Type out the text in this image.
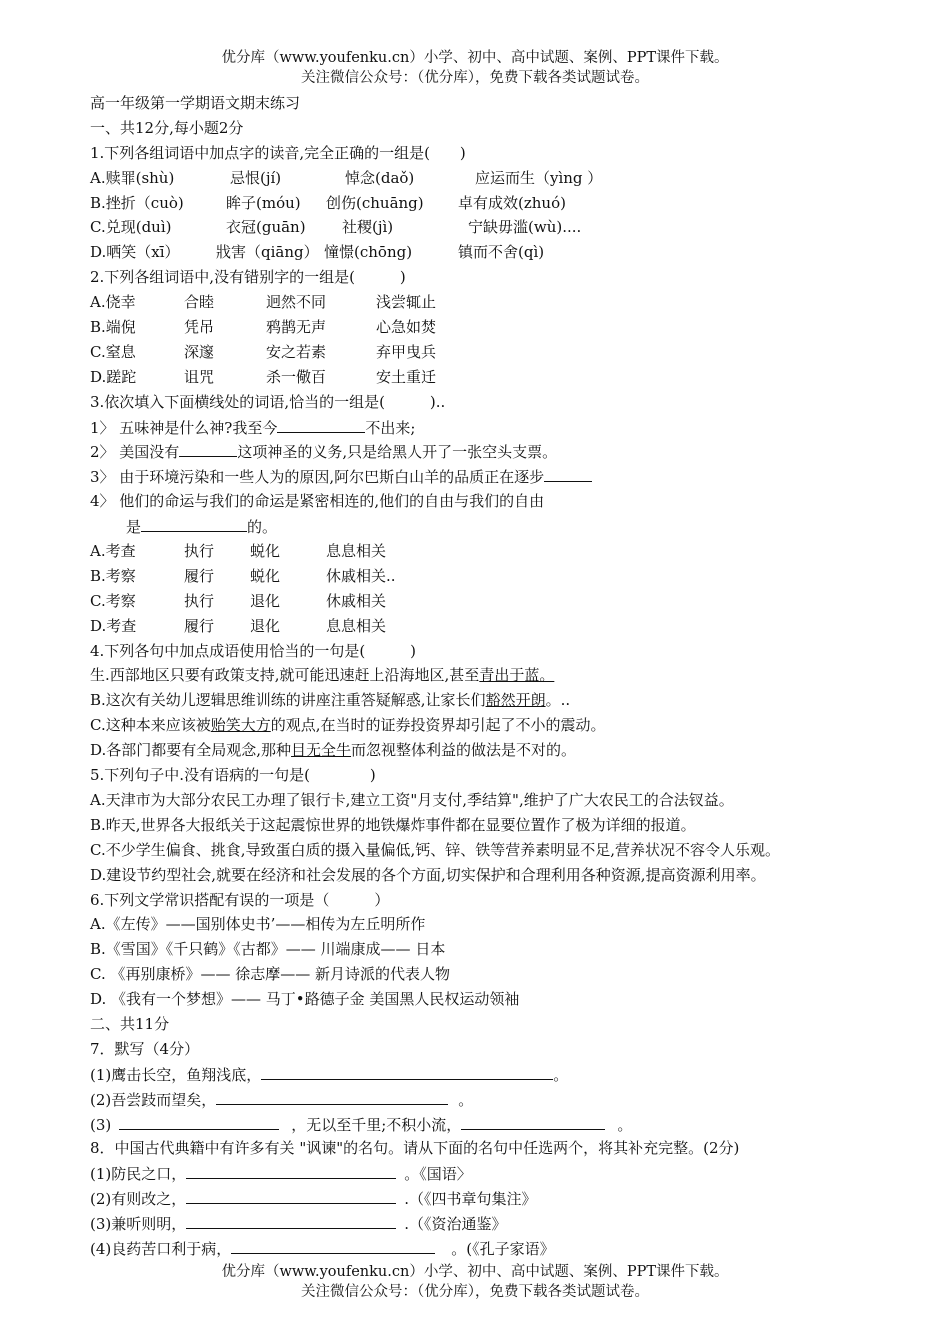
优分库（www.youfenku.cn）小学、初中、高中试题、案例、PPT课件下载。
关注微信公众号：（优分库），免费下载各类试题试卷。
高一年级第一学期语文期末练习
一、共12分,每小题2分
1.下列各组词语中加点字的读音,完全正确的一组是(　　)
A.赎罪(shù)	忌恨(jí)	悼念(daǒ)	应运而生（yìng ）
B.挫折（cuò)	眸子(móu) 创伤(chuāng) 卓有成效(zhuó)
C.兑现(duì)	衣冠(guān) 社稷(jì)	宁缺毋滥(wù)....
D.哂笑（xī） 戕害（qiāng） 憧憬(chōng)	镇而不舍(qì)
2.下列各组词语中,没有错别字的一组是(　　　)
A.侥幸	合睦	迥然不同	浅尝辄止
B.端倪	凭吊	鸦鹊无声	心急如焚
C.窒息	深邃	安之若素	弃甲曳兵
D.蹉跎	诅咒	杀一儆百	安土重迁
3.依次填入下面横线处的词语,恰当的一组是(　　　)..
1〉 五味神是什么神?我至今	不出来;
2〉 美国没有	这项神圣的义务,只是给黑人开了一张空头支票。
3〉 由于环境污染和一些人为的原因,阿尔巴斯白山羊的品质正在逐步
4〉 他们的命运与我们的命运是紧密相连的,他们的自由与我们的自由
是	的。
A.考查	执行 蜕化	息息相关
B.考察	履行 蜕化	休戚相关..
C.考察	执行 退化	休戚相关
D.考查	履行 退化	息息相关
4.下列各句中加点成语使用恰当的一句是(　　　)
生.西部地区只要有政策支持,就可能迅速赶上沿海地区,甚至青出于蓝。
B.这次有关幼儿逻辑思维训练的讲座注重答疑解惑,让家长们豁然开朗。..
C.这种本来应该被贻笑大方的观点,在当时的证券投资界却引起了不小的震动。
D.各部门都要有全局观念,那种目无全牛而忽视整体利益的做法是不对的。
5.下列句子中.没有语病的一句是(　　　　)
A.天津市为大部分农民工办理了银行卡,建立工资"月支付,季结算",维护了广大农民工的合法钗益。
B.昨天,世界各大报纸关于这起震惊世界的地铁爆炸事件都在显要位置作了极为详细的报道。
C.不少学生偏食、挑食,导致蛋白质的摄入量偏低,钙、锌、铁等营养素明显不足,营养状况不容令人乐观。
D.建设节约型社会,就要在经济和社会发展的各个方面,切实保护和合理利用各种资源,提高资源利用率。
6.下列文学常识搭配有误的一项是（　　　）
A.《左传》——国别体史书’——相传为左丘明所作
B.《雪国》《千只鹤》《古都》—— 川端康成—— 日本
C. 《再别康桥》—— 徐志摩—— 新月诗派的代表人物
D. 《我有一个梦想》—— 马丁•路德子金 美国黑人民权运动领袖
二、共11分
7．默写（4分）
(1)鹰击长空，鱼翔浅底，	。
(2)吾尝跂而望矣，	。
(3)	，无以至千里;不积小流，	。
8．中国古代典籍中有许多有关 "讽谏"的名句。请从下面的名句中任选两个，将其补充完整。(2分)
(1)防民之口，	。《国语〉
(2)有则改之，	.（《四书章句集注》
(3)兼听则明，	.（《资治通鉴》
(4)良药苦口利于病，	。(《孔子家语》
优分库（www.youfenku.cn）小学、初中、高中试题、案例、PPT课件下载。
关注微信公众号：（优分库），免费下载各类试题试卷。
